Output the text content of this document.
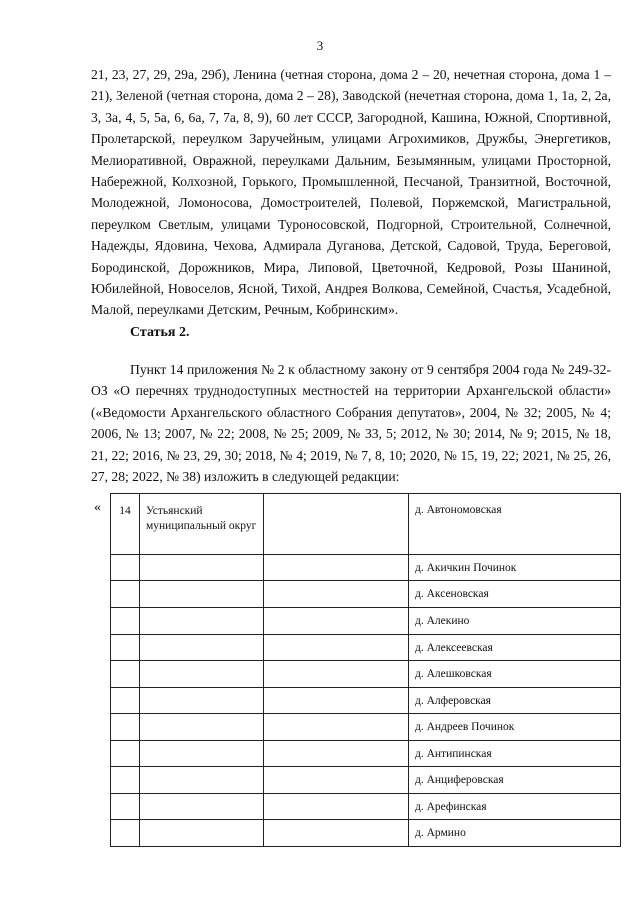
3

21, 23, 27, 29, 29а, 29б), Ленина (четная сторона, дома 2 – 20, нечетная сторона, дома 1 – 21), Зеленой (четная сторона, дома 2 – 28), Заводской (нечетная сторона, дома 1, 1а, 2, 2а, 3, 3а, 4, 5, 5а, 6, 6а, 7, 7а, 8, 9), 60 лет СССР, Загородной, Кашина, Южной, Спортивной, Пролетарской, переулком Заручейным, улицами Агрохимиков, Дружбы, Энергетиков, Мелиоративной, Овражной, переулками Дальним, Безымянным, улицами Просторной, Набережной, Колхозной, Горького, Промышленной, Песчаной, Транзитной, Восточной, Молодежной, Ломоносова, Домостроителей, Полевой, Поржемской, Магистральной, переулком Светлым, улицами Туроносовской, Подгорной, Строительной, Солнечной, Надежды, Ядовина, Чехова, Адмирала Дуганова, Детской, Садовой, Труда, Береговой, Бородинской, Дорожников, Мира, Липовой, Цветочной, Кедровой, Розы Шаниной, Юбилейной, Новоселов, Ясной, Тихой, Андрея Волкова, Семейной, Счастья, Усадебной, Малой, переулками Детским, Речным, Кобринским».

Статья 2.

Пункт 14 приложения № 2 к областному закону от 9 сентября 2004 года № 249-32-ОЗ «О перечнях труднодоступных местностей на территории Архангельской области» («Ведомости Архангельского областного Собрания депутатов», 2004, № 32; 2005, № 4; 2006, № 13; 2007, № 22; 2008, № 25; 2009, № 33, 5; 2012, № 30; 2014, № 9; 2015, № 18, 21, 22; 2016, № 23, 29, 30; 2018, № 4; 2019, № 7, 8, 10; 2020, № 15, 19, 22; 2021, № 25, 26, 27, 28; 2022, № 38) изложить в следующей редакции:

« 14	Устьянский муниципальный округ		д. Автономовская
			д. Акичкин Починок
			д. Аксеновская
			д. Алекино
			д. Алексеевская
			д. Алешковская
			д. Алферовская
			д. Андреев Починок
			д. Антипинская
			д. Анциферовская
			д. Арефинская
			д. Армино
